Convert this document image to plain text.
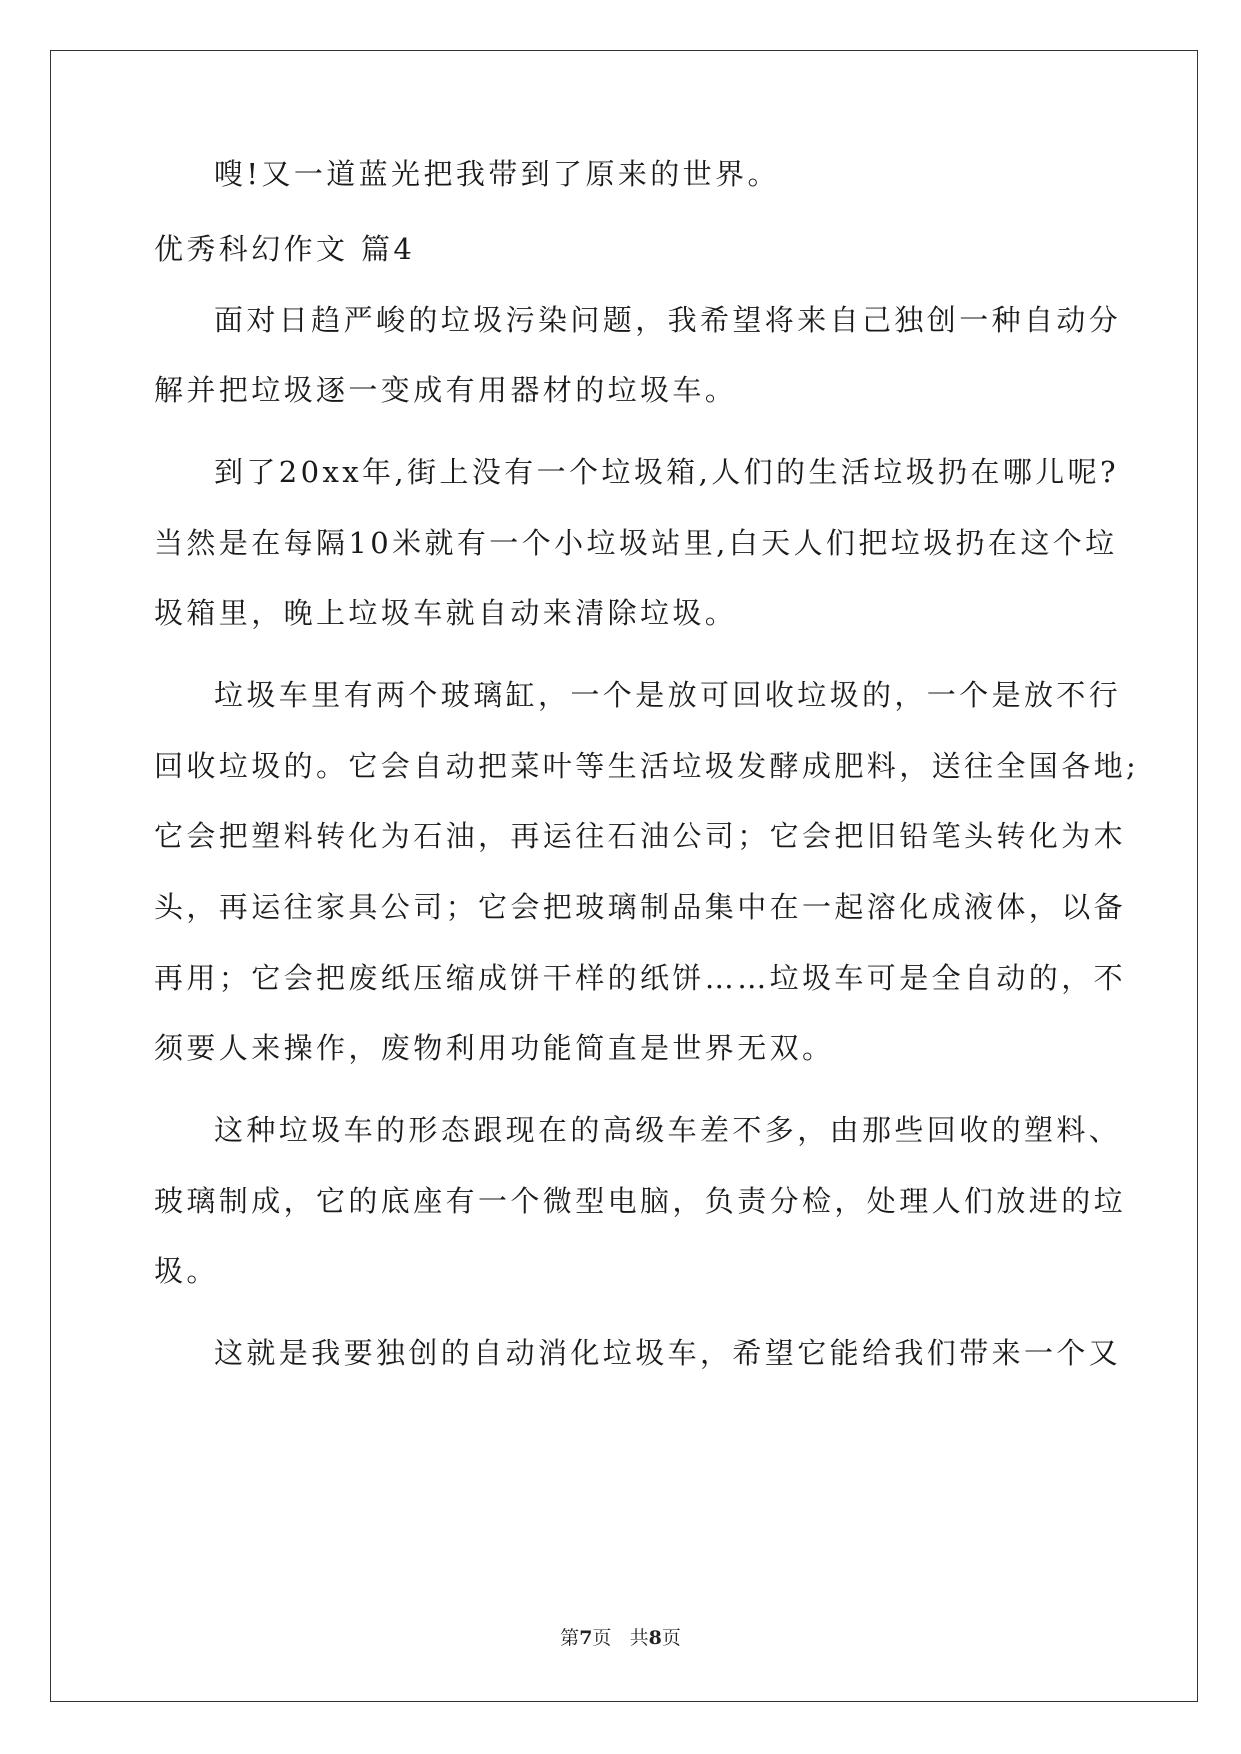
嗖!又一道蓝光把我带到了原来的世界。
优秀科幻作文 篇4
面对日趋严峻的垃圾污染问题，我希望将来自己独创一种自动分
解并把垃圾逐一变成有用器材的垃圾车。
到了20xx年,街上没有一个垃圾箱,人们的生活垃圾扔在哪儿呢?
当然是在每隔10米就有一个小垃圾站里,白天人们把垃圾扔在这个垃
圾箱里，晚上垃圾车就自动来清除垃圾。
垃圾车里有两个玻璃缸，一个是放可回收垃圾的，一个是放不行
回收垃圾的。它会自动把菜叶等生活垃圾发酵成肥料，送往全国各地;
它会把塑料转化为石油，再运往石油公司；它会把旧铅笔头转化为木
头，再运往家具公司；它会把玻璃制品集中在一起溶化成液体，以备
再用；它会把废纸压缩成饼干样的纸饼……垃圾车可是全自动的，不
须要人来操作，废物利用功能简直是世界无双。
这种垃圾车的形态跟现在的高级车差不多，由那些回收的塑料、
玻璃制成，它的底座有一个微型电脑，负责分检，处理人们放进的垃
圾。
这就是我要独创的自动消化垃圾车，希望它能给我们带来一个又
第7页 共8页
